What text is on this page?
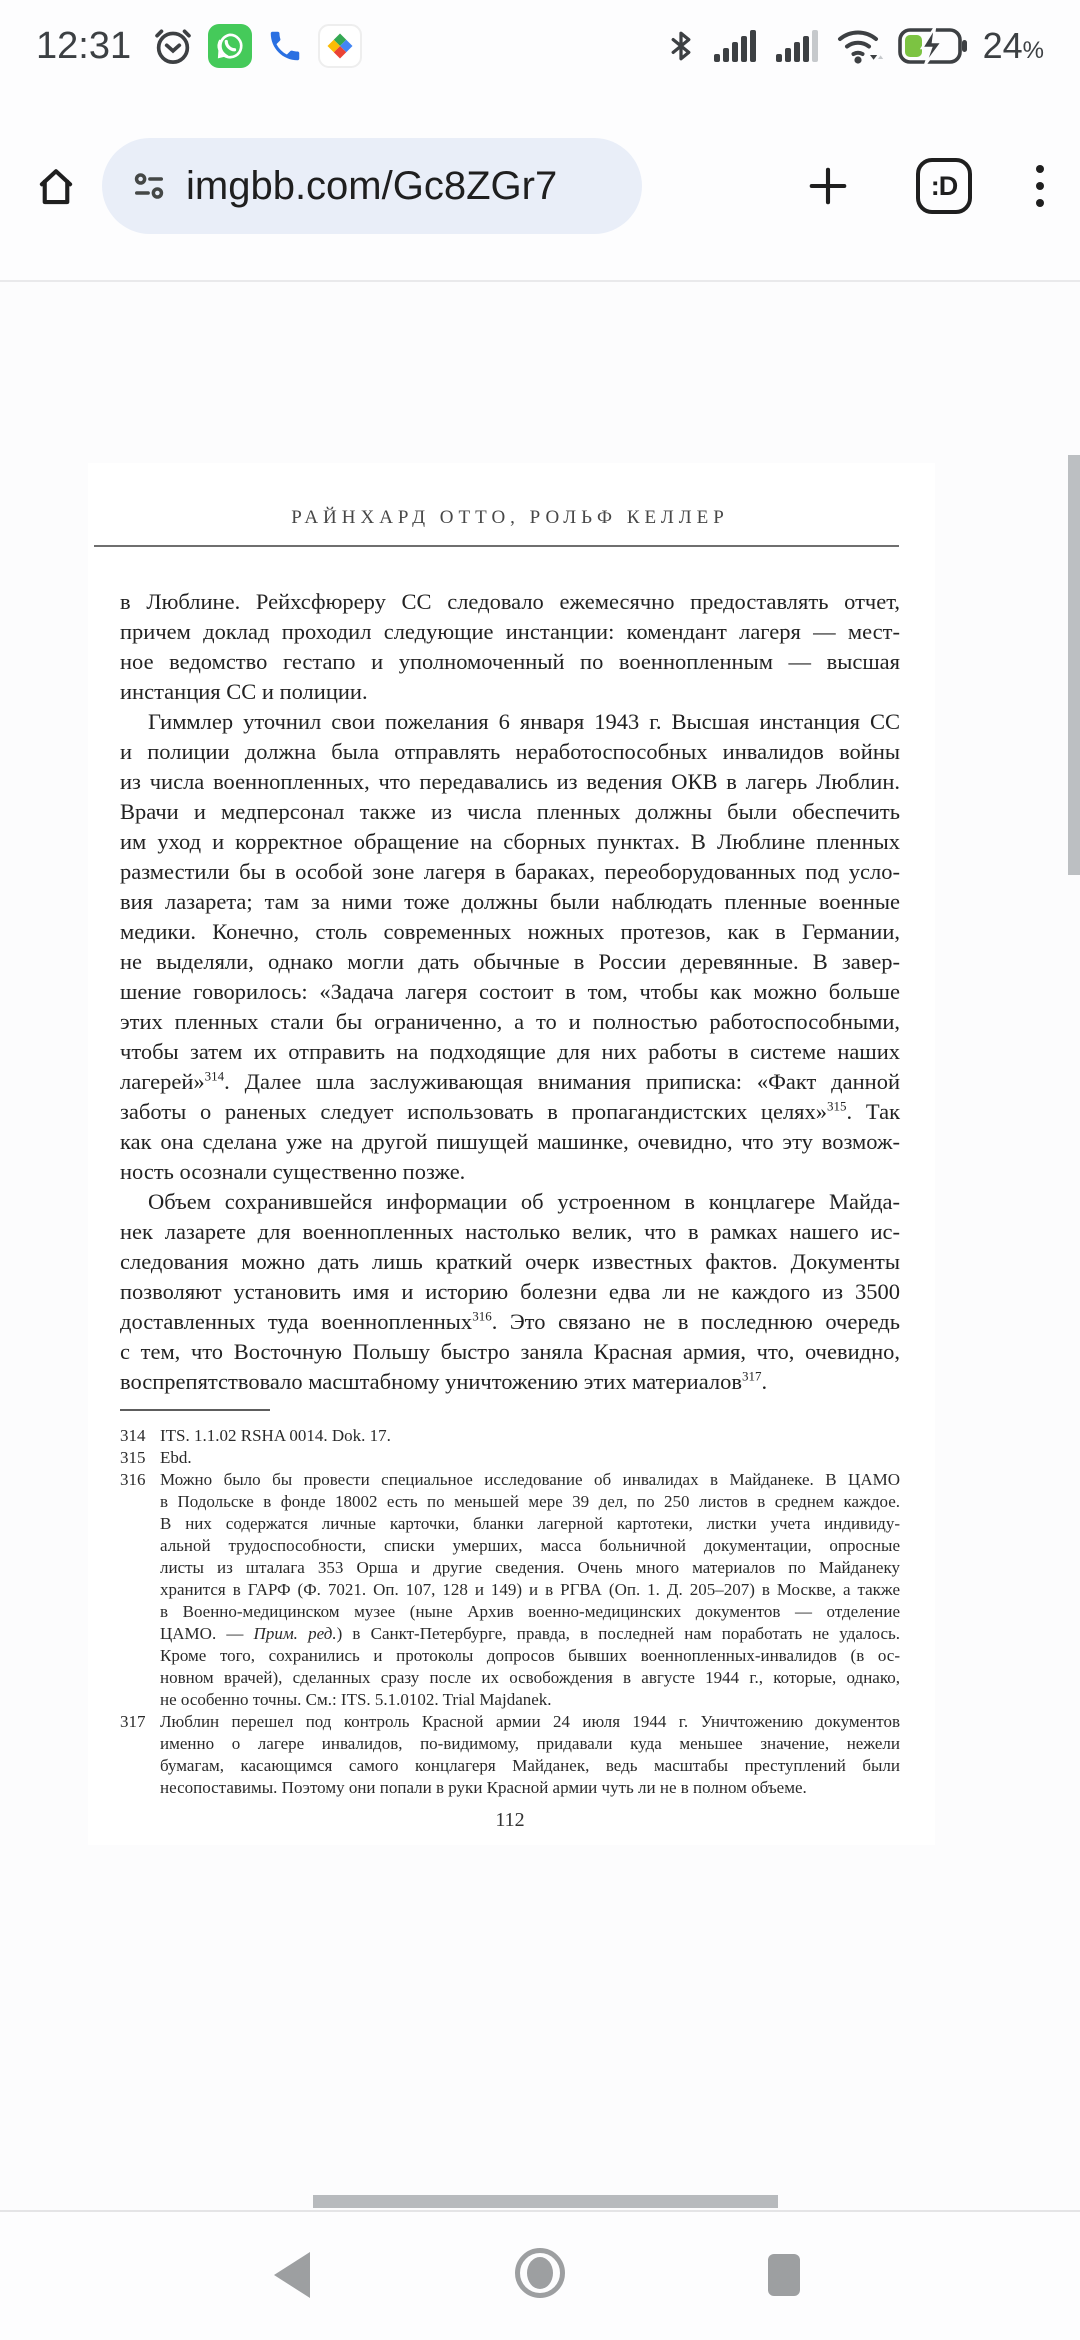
12:31	24%
imgbb.com/Gc8ZGr7	:D
РАЙНХАРД ОТТО, РОЛЬФ КЕЛЛЕР
в Люблине. Рейхсфюреру СС следовало ежемесячно предоставлять отчет,
причем доклад проходил следующие инстанции: комендант лагеря — мест-
ное ведомство гестапо и уполномоченный по военнопленным — высшая
инстанция СС и полиции.
Гиммлер уточнил свои пожелания 6 января 1943 г. Высшая инстанция СС
и полиции должна была отправлять неработоспособных инвалидов войны
из числа военнопленных, что передавались из ведения ОКВ в лагерь Люблин.
Врачи и медперсонал также из числа пленных должны были обеспечить
им уход и корректное обращение на сборных пунктах. В Люблине пленных
разместили бы в особой зоне лагеря в бараках, переоборудованных под усло-
вия лазарета; там за ними тоже должны были наблюдать пленные военные
медики. Конечно, столь современных ножных протезов, как в Германии,
не выделяли, однако могли дать обычные в России деревянные. В завер-
шение говорилось: «Задача лагеря состоит в том, чтобы как можно больше
этих пленных стали бы ограниченно, а то и полностью работоспособными,
чтобы затем их отправить на подходящие для них работы в системе наших
лагерей»$^{314}$. Далее шла заслуживающая внимания приписка: «Факт данной
заботы о раненых следует использовать в пропагандистских целях»$^{315}$. Так
как она сделана уже на другой пишущей машинке, очевидно, что эту возмож-
ность осознали существенно позже.
Объем сохранившейся информации об устроенном в концлагере Майда-
нек лазарете для военнопленных настолько велик, что в рамках нашего ис-
следования можно дать лишь краткий очерк известных фактов. Документы
позволяют установить имя и историю болезни едва ли не каждого из 3500
доставленных туда военнопленных$^{316}$. Это связано не в последнюю очередь
с тем, что Восточную Польшу быстро заняла Красная армия, что, очевидно,
воспрепятствовало масштабному уничтожению этих материалов$^{317}$.
314 ITS. 1.1.02 RSHA 0014. Dok. 17.
315 Ebd.
316 Можно было бы провести специальное исследование об инвалидах в Майданеке. В ЦАМО
в Подольске в фонде 18002 есть по меньшей мере 39 дел, по 250 листов в среднем каждое.
В них содержатся личные карточки, бланки лагерной картотеки, листки учета индивиду-
альной трудоспособности, списки умерших, масса больничной документации, опросные
листы из шталага 353 Орша и другие сведения. Очень много материалов по Майданеку
хранится в ГАРФ (Ф. 7021. Оп. 107, 128 и 149) и в РГВА (Оп. 1. Д. 205–207) в Москве, а также
в Военно-медицинском музее (ныне Архив военно-медицинских документов — отделение
ЦАМО. — Прим. ред.) в Санкт-Петербурге, правда, в последней нам поработать не удалось.
Кроме того, сохранились и протоколы допросов бывших военнопленных-инвалидов (в ос-
новном врачей), сделанных сразу после их освобождения в августе 1944 г., которые, однако,
не особенно точны. См.: ITS. 5.1.0102. Trial Majdanek.
317 Люблин перешел под контроль Красной армии 24 июля 1944 г. Уничтожению документов
именно о лагере инвалидов, по-видимому, придавали куда меньшее значение, нежели
бумагам, касающимся самого концлагеря Майданек, ведь масштабы преступлений были
несопоставимы. Поэтому они попали в руки Красной армии чуть ли не в полном объеме.
112
